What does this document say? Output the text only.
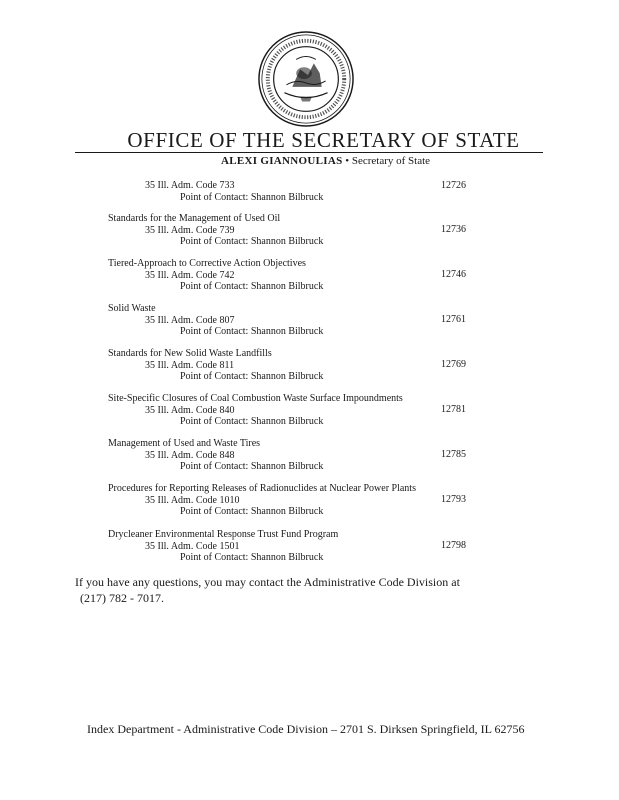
OFFICE OF THE SECRETARY OF STATE
ALEXI GIANNOULIAS • Secretary of State
35 Ill. Adm. Code 733
Point of Contact: Shannon Bilbruck
12726
Standards for the Management of Used Oil
35 Ill. Adm. Code 739
Point of Contact: Shannon Bilbruck
12736
Tiered-Approach to Corrective Action Objectives
35 Ill. Adm. Code 742
Point of Contact: Shannon Bilbruck
12746
Solid Waste
35 Ill. Adm. Code 807
Point of Contact: Shannon Bilbruck
12761
Standards for New Solid Waste Landfills
35 Ill. Adm. Code 811
Point of Contact: Shannon Bilbruck
12769
Site-Specific Closures of Coal Combustion Waste Surface Impoundments
35 Ill. Adm. Code 840
Point of Contact: Shannon Bilbruck
12781
Management of Used and Waste Tires
35 Ill. Adm. Code 848
Point of Contact: Shannon Bilbruck
12785
Procedures for Reporting Releases of Radionuclides at Nuclear Power Plants
35 Ill. Adm. Code 1010
Point of Contact: Shannon Bilbruck
12793
Drycleaner Environmental Response Trust Fund Program
35 Ill. Adm. Code 1501
Point of Contact: Shannon Bilbruck
12798
If you have any questions, you may contact the Administrative Code Division at
(217) 782 - 7017.
Index Department - Administrative Code Division – 2701 S. Dirksen Springfield, IL 62756
